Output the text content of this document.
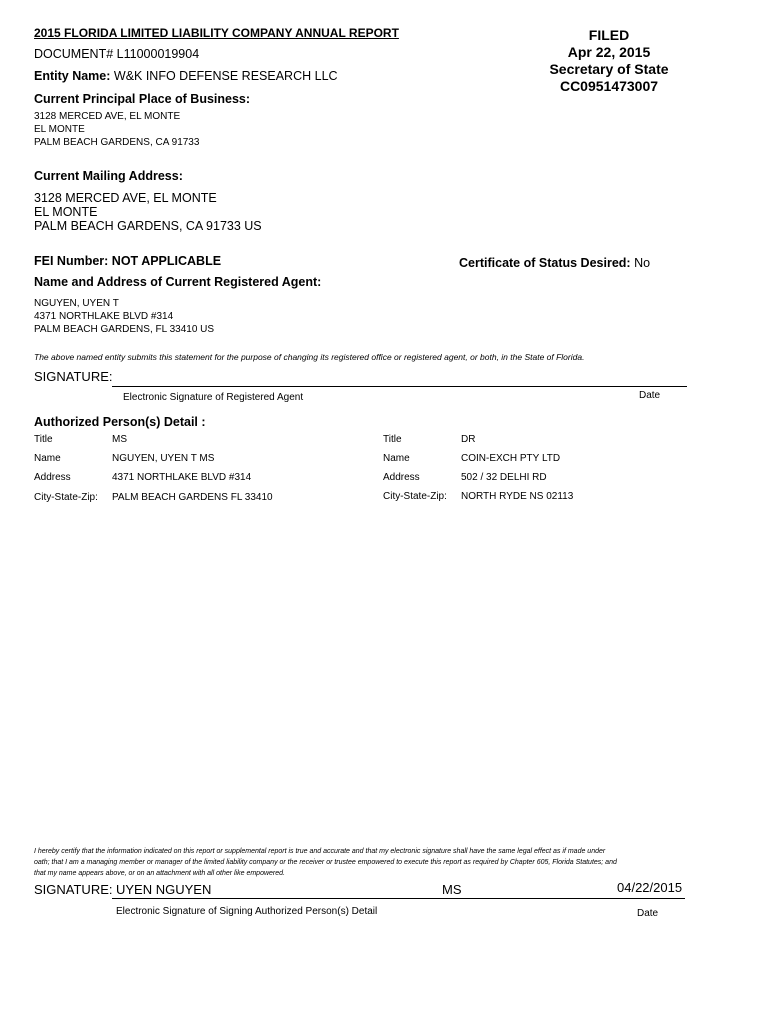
2015 FLORIDA LIMITED LIABILITY COMPANY ANNUAL REPORT
DOCUMENT# L11000019904
Entity Name: W&K INFO DEFENSE RESEARCH LLC
FILED
Apr 22, 2015
Secretary of State
CC0951473007
Current Principal Place of Business:
3128 MERCED AVE, EL MONTE
EL MONTE
PALM BEACH GARDENS, CA 91733
Current Mailing Address:
3128 MERCED AVE, EL MONTE
EL MONTE
PALM BEACH GARDENS, CA 91733 US
FEI Number: NOT APPLICABLE	Certificate of Status Desired: No
Name and Address of Current Registered Agent:
NGUYEN, UYEN T
4371 NORTHLAKE BLVD #314
PALM BEACH GARDENS, FL 33410 US
The above named entity submits this statement for the purpose of changing its registered office or registered agent, or both, in the State of Florida.
SIGNATURE:
Electronic Signature of Registered Agent	Date
Authorized Person(s) Detail :
Title	MS	Title	DR
Name	NGUYEN, UYEN T MS	Name	COIN-EXCH PTY LTD
Address	4371 NORTHLAKE BLVD #314	Address	502 / 32 DELHI RD
City-State-Zip: PALM BEACH GARDENS FL 33410	City-State-Zip: NORTH RYDE NS 02113
I hereby certify that the information indicated on this report or supplemental report is true and accurate and that my electronic signature shall have the same legal effect as if made under
oath; that I am a managing member or manager of the limited liability company or the receiver or trustee empowered to execute this report as required by Chapter 605, Florida Statutes; and
that my name appears above, or on an attachment with all other like empowered.
SIGNATURE: UYEN NGUYEN	MS	04/22/2015
Electronic Signature of Signing Authorized Person(s) Detail	Date
